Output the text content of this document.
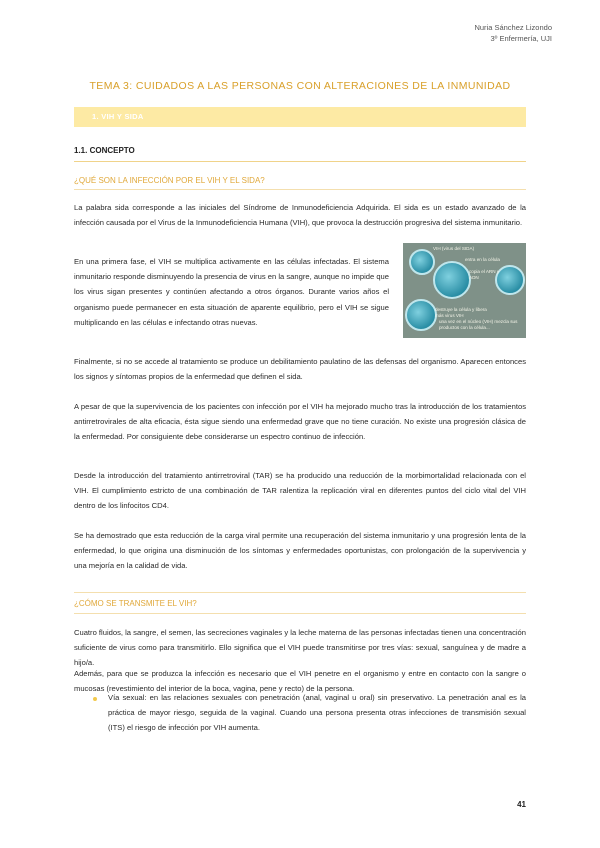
Nuria Sánchez Lizondo
3º Enfermería, UJI
TEMA 3: CUIDADOS A LAS PERSONAS CON ALTERACIONES DE LA INMUNIDAD
1. VIH Y SIDA
1.1. CONCEPTO
¿QUÉ SON LA INFECCIÓN POR EL VIH Y EL SIDA?
La palabra sida corresponde a las iniciales del Síndrome de Inmunodeficiencia Adquirida. El sida es un estado avanzado de la infección causada por el Virus de la Inmunodeficiencia Humana (VIH), que provoca la destrucción progresiva del sistema inmunitario.
En una primera fase, el VIH se multiplica activamente en las células infectadas. El sistema inmunitario responde disminuyendo la presencia de virus en la sangre, aunque no impide que los virus sigan presentes y continúen afectando a otros órganos. Durante varios años el organismo puede permanecer en esta situación de aparente equilibrio, pero el VIH se sigue multiplicando en las células e infectando otras nuevas.
VIH (virus del SIDA)
entra en la célula
copia el ARN y ADN
destruye la célula y libera más virus VIH
una vez en el núcleo (VIH) mezcla sus productos con la célula...
Finalmente, si no se accede al tratamiento se produce un debilitamiento paulatino de las defensas del organismo. Aparecen entonces los signos y síntomas propios de la enfermedad que definen el sida.
A pesar de que la supervivencia de los pacientes con infección por el VIH ha mejorado mucho tras la introducción de los tratamientos antirretrovirales de alta eficacia, ésta sigue siendo una enfermedad grave que no tiene curación. No existe una progresión clásica de la enfermedad. Por consiguiente debe considerarse un espectro continuo de infección.
Desde la introducción del tratamiento antirretroviral (TAR) se ha producido una reducción de la morbimortalidad relacionada con el VIH. El cumplimiento estricto de una combinación de TAR ralentiza la replicación viral en diferentes puntos del ciclo vital del VIH dentro de los linfocitos CD4.
Se ha demostrado que esta reducción de la carga viral permite una recuperación del sistema inmunitario y una progresión lenta de la enfermedad, lo que origina una disminución de los síntomas y enfermedades oportunistas, con prolongación de la supervivencia y una mejoría en la calidad de vida.
¿CÓMO SE TRANSMITE EL VIH?
Cuatro fluidos, la sangre, el semen, las secreciones vaginales y la leche materna de las personas infectadas tienen una concentración suficiente de virus como para transmitirlo. Ello significa que el VIH puede transmitirse por tres vías: sexual, sanguínea y de madre a hijo/a.
Además, para que se produzca la infección es necesario que el VIH penetre en el organismo y entre en contacto con la sangre o mucosas (revestimiento del interior de la boca, vagina, pene y recto) de la persona.
Vía sexual: en las relaciones sexuales con penetración (anal, vaginal u oral) sin preservativo. La penetración anal es la práctica de mayor riesgo, seguida de la vaginal. Cuando una persona presenta otras infecciones de transmisión sexual (ITS) el riesgo de infección por VIH aumenta.
41
